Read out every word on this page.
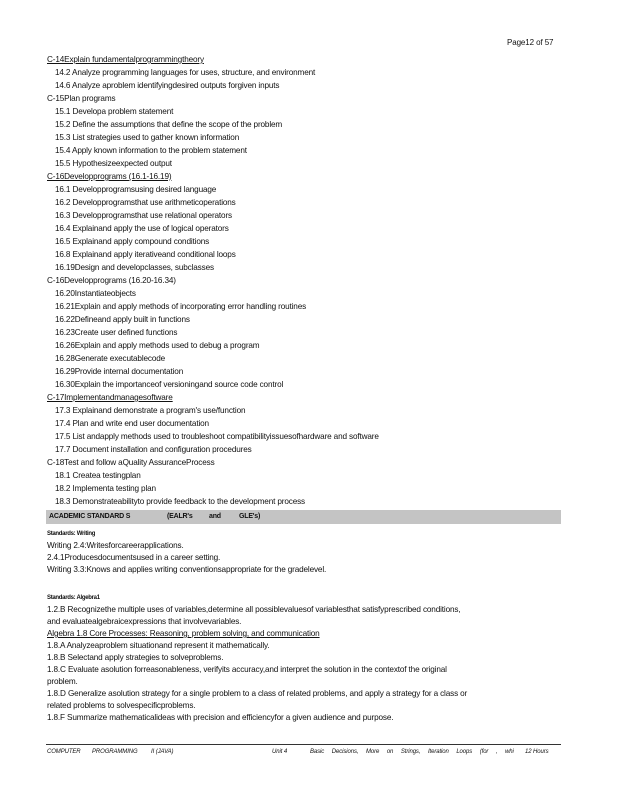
Page12 of 57
C-14Explain fundamentalprogrammingtheory
14.2 Analyze programming languages for uses, structure, and environment
14.6 Analyze aproblem identifyingdesired outputs forgiven inputs
C-15Plan programs
15.1 Developa problem statement
15.2 Define the assumptions that define the scope of the problem
15.3 List strategies used to gather known information
15.4 Apply known information to the problem statement
15.5 Hypothesizeexpected output
C-16Developprograms (16.1-16.19)
16.1 Developprogramsusing desired language
16.2 Developprogramsthat use arithmeticoperations
16.3 Developprogramsthat use relational operators
16.4 Explainand apply the use of logical operators
16.5 Explainand apply compound conditions
16.8 Explainand apply iterativeand conditional loops
16.19Design and developclasses, subclasses
C-16Developprograms (16.20-16.34)
16.20Instantiateobjects
16.21Explain and apply methods of incorporating error handling routines
16.22Defineand apply built in functions
16.23Create user defined functions
16.26Explain and apply methods used to debug a program
16.28Generate executablecode
16.29Provide internal documentation
16.30Explain the importanceof versioningand source code control
C-17Implementandmanagesoftware
17.3 Explainand demonstrate a program's use/function
17.4 Plan and write end user documentation
17.5 List andapply methods used to troubleshoot compatibilityissuesofhardware and software
17.7 Document installation and configuration procedures
C-18Test and follow aQuality AssuranceProcess
18.1 Createa testingplan
18.2 Implementa testing plan
18.3 Demonstrateabilityto provide feedback to the development process
ACADEMIC STANDARD S	(EALR's and	GLE's)
Standards: Writing
Writing 2.4:Writesforcareerapplications.
2.4.1Producesdocumentsused in a career setting.
Writing 3.3:Knows and applies writing conventionsappropriate for the gradelevel.
Standards: Algebra1
1.2.B Recognizethe multiple uses of variables,determine all possiblevaluesof variablesthat satisfyprescribed conditions,
and evaluatealgebraicexpressions that involvevariables.
Algebra 1.8 Core Processes: Reasoning, problem solving, and communication
1.8.A Analyzeaproblem situationand represent it mathematically.
1.8.B Selectand apply strategies to solveproblems.
1.8.C Evaluate asolution forreasonableness, verifyits accuracy,and interpret the solution in the contextof the original
problem.
1.8.D Generalize asolution strategy for a single problem to a class of related problems, and apply a strategy for a class or
related problems to solvespecificproblems.
1.8.F Summarize mathematicalideas with precision and efficiencyfor a given audience and purpose.
COMPUTER PROGRAMMING II (JAVA)	Unit 4	Basic Decisions, More on Strings, Iteration Loops (for , whi 12 Hours
